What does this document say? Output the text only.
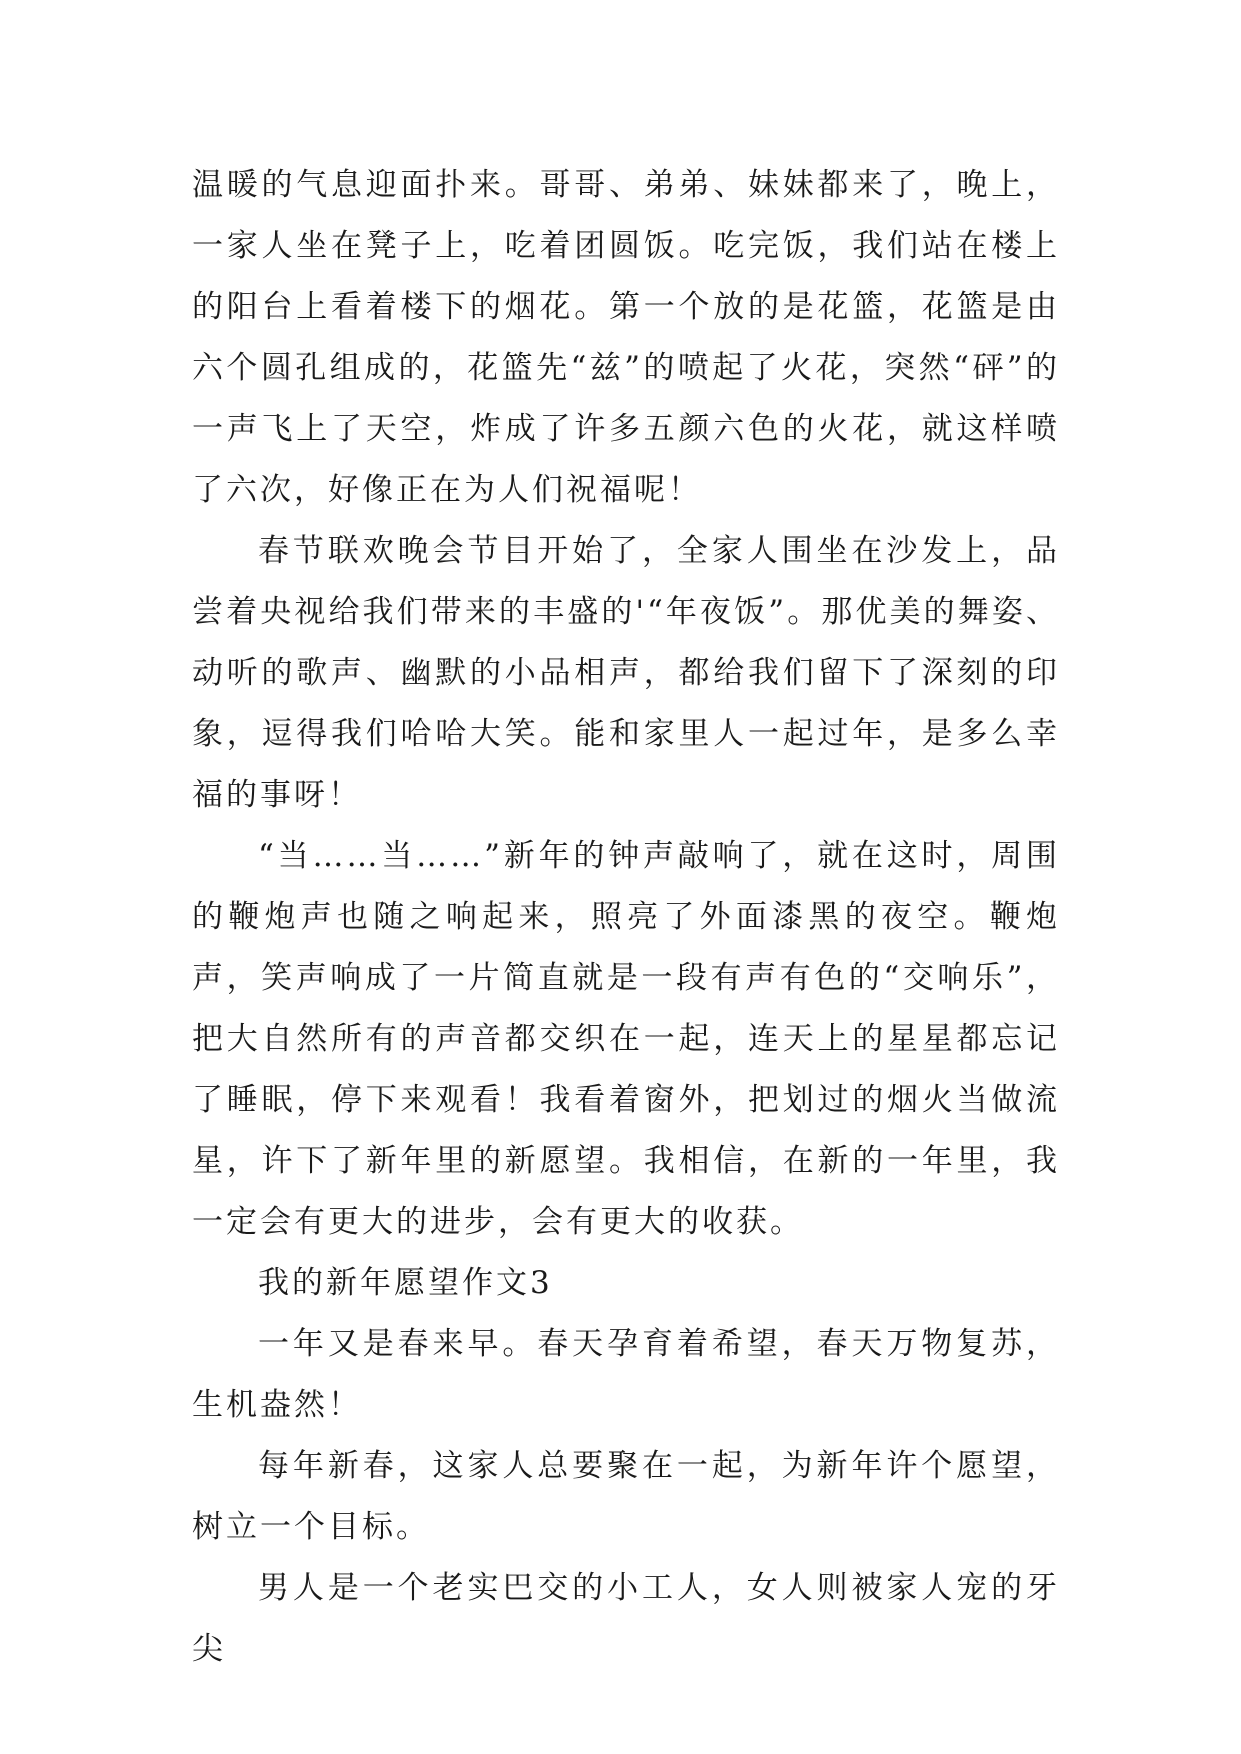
温暖的气息迎面扑来。哥哥、弟弟、妹妹都来了，晚上，一家人坐在凳子上，吃着团圆饭。吃完饭，我们站在楼上的阳台上看着楼下的烟花。第一个放的是花篮，花篮是由六个圆孔组成的，花篮先“兹”的喷起了火花，突然“砰”的一声飞上了天空，炸成了许多五颜六色的火花，就这样喷了六次，好像正在为人们祝福呢！

春节联欢晚会节目开始了，全家人围坐在沙发上，品尝着央视给我们带来的丰盛的'“年夜饭”。那优美的舞姿、动听的歌声、幽默的小品相声，都给我们留下了深刻的印象，逗得我们哈哈大笑。能和家里人一起过年，是多么幸福的事呀！

“当……当……”新年的钟声敲响了，就在这时，周围的鞭炮声也随之响起来，照亮了外面漆黑的夜空。鞭炮声，笑声响成了一片简直就是一段有声有色的“交响乐”，把大自然所有的声音都交织在一起，连天上的星星都忘记了睡眠，停下来观看！我看着窗外，把划过的烟火当做流星，许下了新年里的新愿望。我相信，在新的一年里，我一定会有更大的进步，会有更大的收获。

我的新年愿望作文3

一年又是春来早。春天孕育着希望，春天万物复苏，生机盎然！

每年新春，这家人总要聚在一起，为新年许个愿望，树立一个目标。

男人是一个老实巴交的小工人，女人则被家人宠的牙尖
